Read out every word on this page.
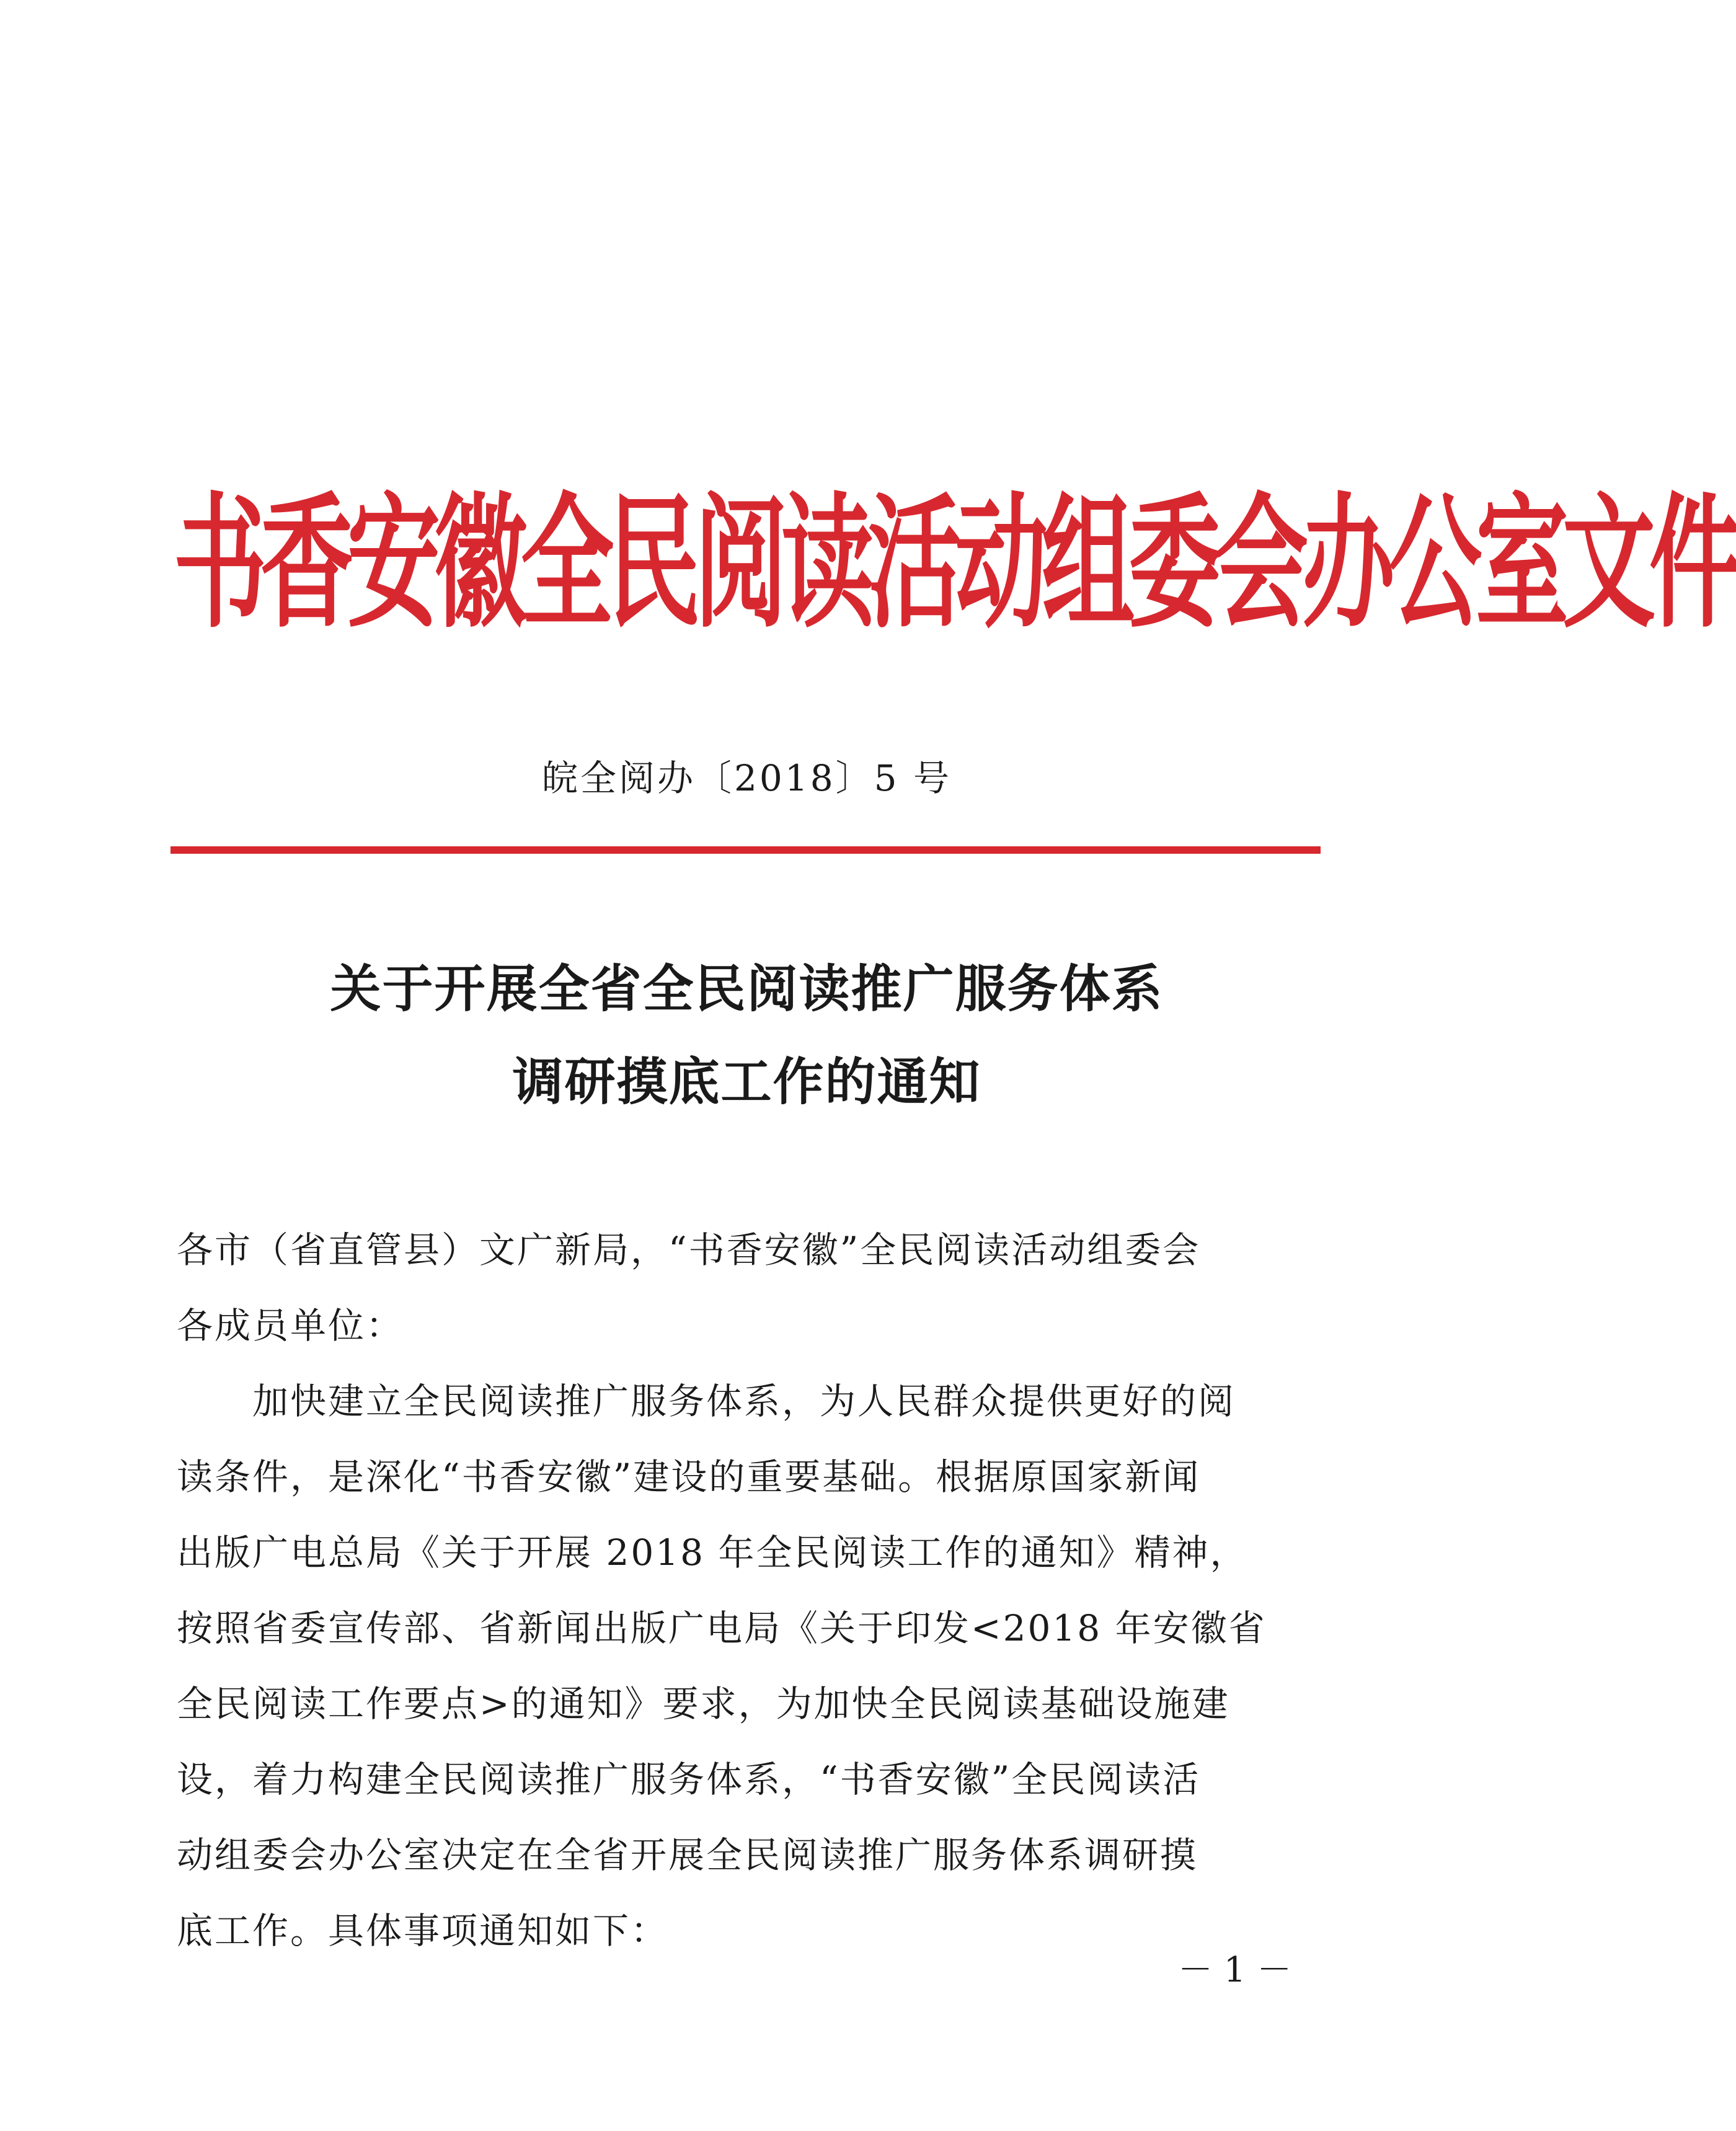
书香安徽全民阅读活动组委会办公室文件
皖全阅办〔2018〕5 号
关于开展全省全民阅读推广服务体系
调研摸底工作的通知
各市（省直管县）文广新局，“书香安徽”全民阅读活动组委会
各成员单位：
　　加快建立全民阅读推广服务体系，为人民群众提供更好的阅
读条件，是深化“书香安徽”建设的重要基础。根据原国家新闻
出版广电总局《关于开展 2018 年全民阅读工作的通知》精神，
按照省委宣传部、省新闻出版广电局《关于印发<2018 年安徽省
全民阅读工作要点>的通知》要求，为加快全民阅读基础设施建
设，着力构建全民阅读推广服务体系，“书香安徽”全民阅读活
动组委会办公室决定在全省开展全民阅读推广服务体系调研摸
底工作。具体事项通知如下：
－ 1 －
